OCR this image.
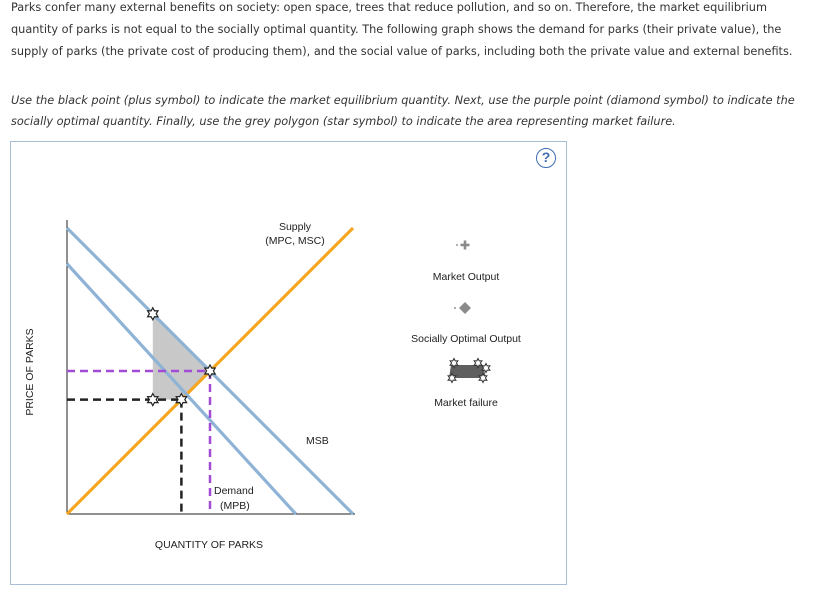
Parks confer many external benefits on society: open space, trees that reduce pollution, and so on. Therefore, the market equilibrium quantity of parks is not equal to the socially optimal quantity. The following graph shows the demand for parks (their private value), the supply of parks (the private cost of producing them), and the social value of parks, including both the private value and external benefits.

Use the black point (plus symbol) to indicate the market equilibrium quantity. Next, use the purple point (diamond symbol) to indicate the socially optimal quantity. Finally, use the grey polygon (star symbol) to indicate the area representing market failure.

?
Supply
(MPC, MSC)
Demand
(MPB)
MSB
QUANTITY OF PARKS
PRICE OF PARKS
Market Output
Socially Optimal Output
Market failure
